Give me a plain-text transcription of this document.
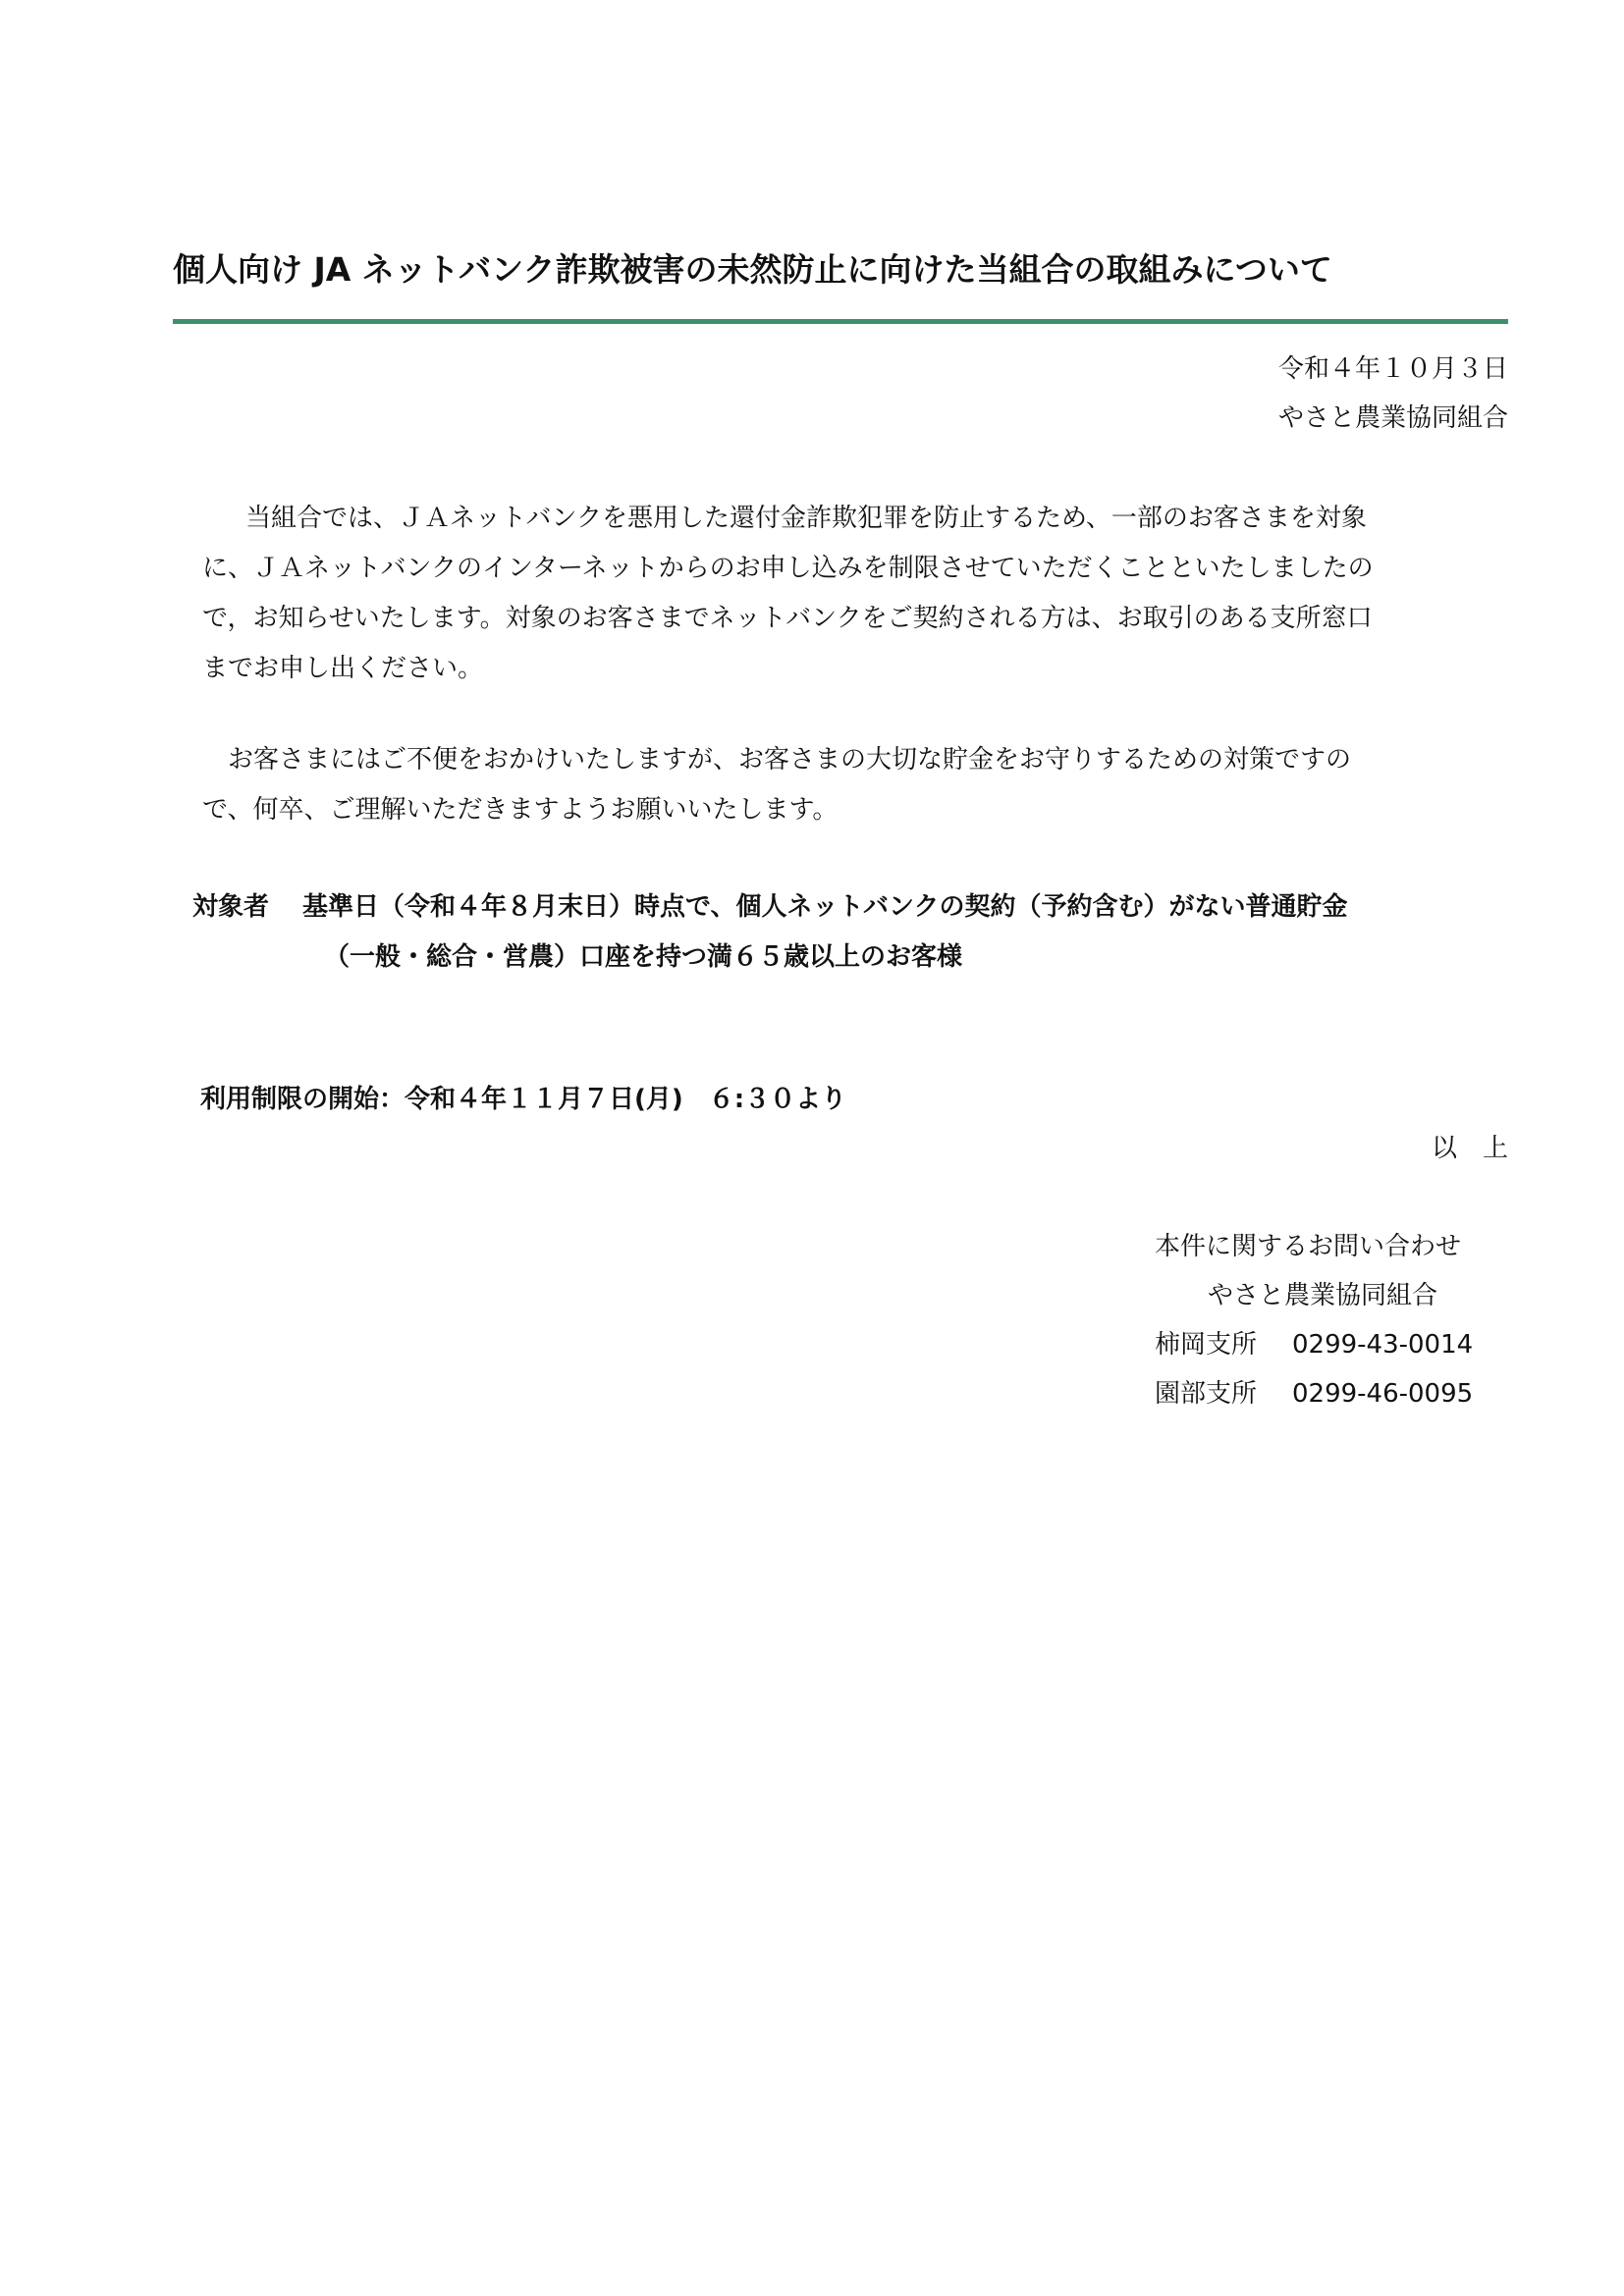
個人向け JA ネットバンク詐欺被害の未然防止に向けた当組合の取組みについて
令和４年１０月３日
やさと農業協同組合
当組合では、ＪＡネットバンクを悪用した還付金詐欺犯罪を防止するため、一部のお客さまを対象
に、ＪＡネットバンクのインターネットからのお申し込みを制限させていただくことといたしましたの
で，お知らせいたします。対象のお客さまでネットバンクをご契約される方は、お取引のある支所窓口
までお申し出ください。
お客さまにはご不便をおかけいたしますが、お客さまの大切な貯金をお守りするための対策ですの
で、何卒、ご理解いただきますようお願いいたします。
対象者 基準日（令和４年８月末日）時点で、個人ネットバンクの契約（予約含む）がない普通貯金
（一般・総合・営農）口座を持つ満６５歳以上のお客様
利用制限の開始：令和４年１１月７日(月)　６:３０より
以　上
本件に関するお問い合わせ
やさと農業協同組合
柿岡支所 0299-43-0014
園部支所 0299-46-0095
